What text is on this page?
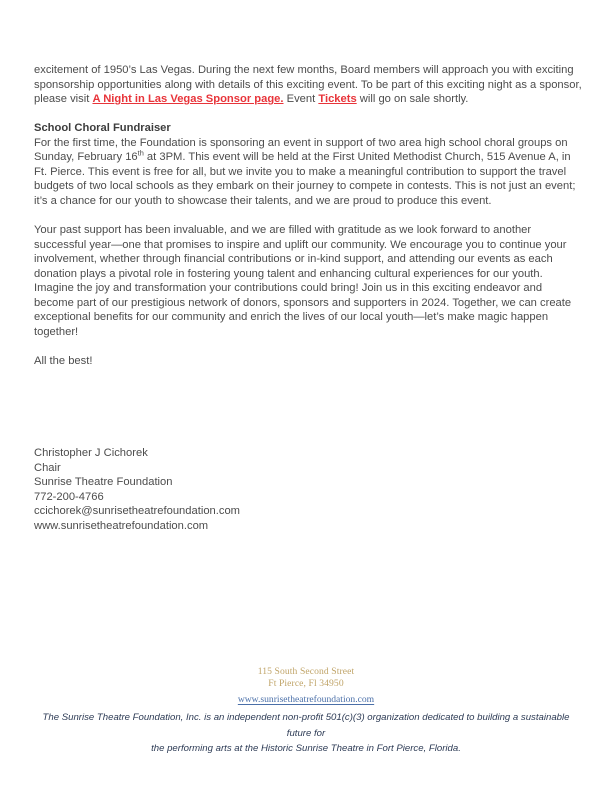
excitement of 1950’s Las Vegas. During the next few months, Board members will approach you with exciting sponsorship opportunities along with details of this exciting event. To be part of this exciting night as a sponsor, please visit A Night in Las Vegas Sponsor page. Event Tickets will go on sale shortly.

School Choral Fundraiser

For the first time, the Foundation is sponsoring an event in support of two area high school choral groups on Sunday, February 16th at 3PM. This event will be held at the First United Methodist Church, 515 Avenue A, in Ft. Pierce. This event is free for all, but we invite you to make a meaningful contribution to support the travel budgets of two local schools as they embark on their journey to compete in contests. This is not just an event; it’s a chance for our youth to showcase their talents, and we are proud to produce this event.

Your past support has been invaluable, and we are filled with gratitude as we look forward to another successful year—one that promises to inspire and uplift our community. We encourage you to continue your involvement, whether through financial contributions or in-kind support, and attending our events as each donation plays a pivotal role in fostering young talent and enhancing cultural experiences for our youth. Imagine the joy and transformation your contributions could bring! Join us in this exciting endeavor and become part of our prestigious network of donors, sponsors and supporters in 2024. Together, we can create exceptional benefits for our community and enrich the lives of our local youth—let’s make magic happen together!

All the best!

Christopher J Cichorek
Chair
Sunrise Theatre Foundation
772-200-4766
ccichorek@sunrisetheatrefoundation.com
www.sunrisetheatrefoundation.com
115 South Second Street
Ft Pierce, Fl 34950
www.sunrisetheatrefoundation.com
The Sunrise Theatre Foundation, Inc. is an independent non-profit 501(c)(3) organization dedicated to building a sustainable future for
the performing arts at the Historic Sunrise Theatre in Fort Pierce, Florida.
